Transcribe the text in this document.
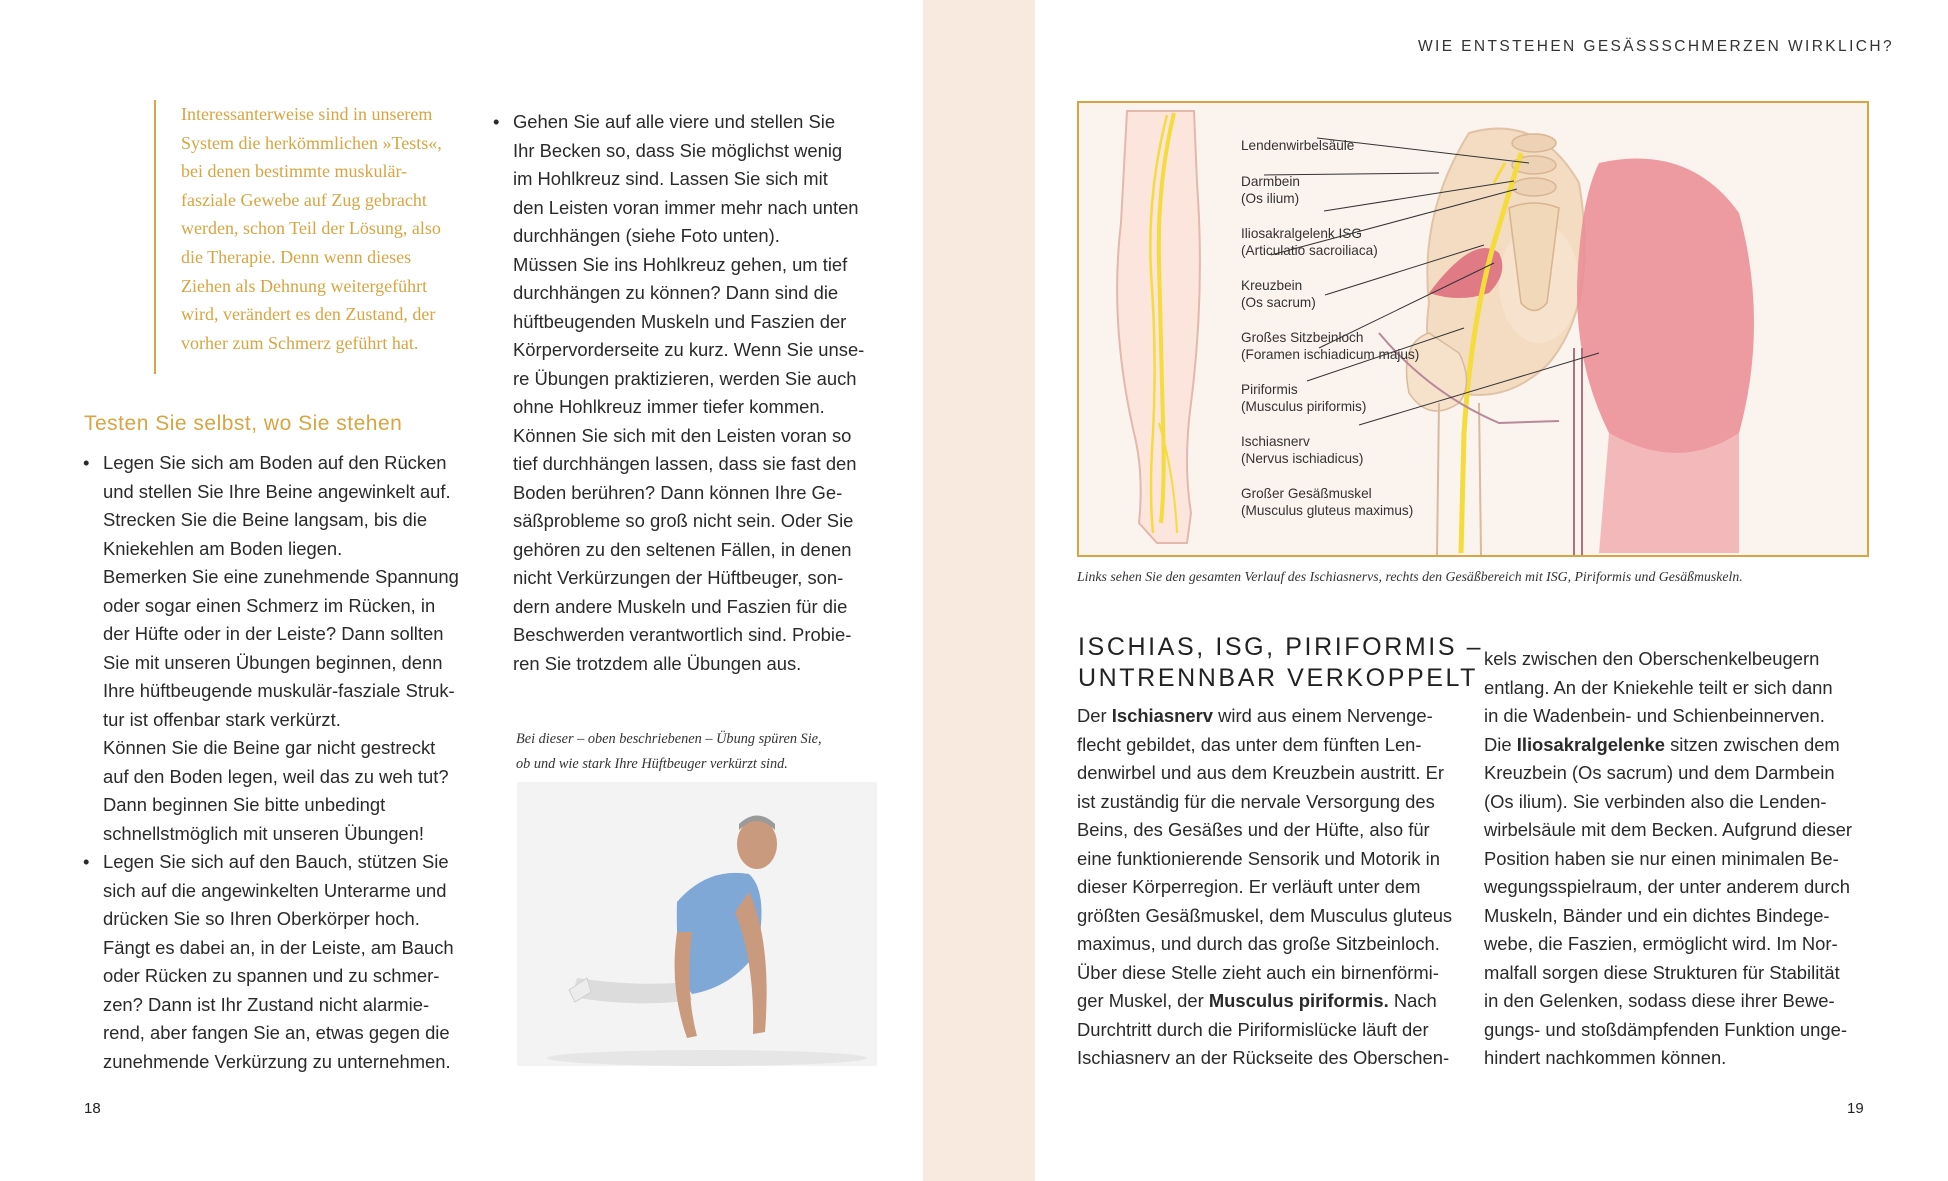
Interessanterweise sind in unserem
System die herkömmlichen »Tests«,
bei denen bestimmte muskulär-
fasziale Gewebe auf Zug gebracht
werden, schon Teil der Lösung, also
die Therapie. Denn wenn dieses
Ziehen als Dehnung weitergeführt
wird, verändert es den Zustand, der
vorher zum Schmerz geführt hat.

Testen Sie selbst, wo Sie stehen
• Legen Sie sich am Boden auf den Rücken
und stellen Sie Ihre Beine angewinkelt auf.
Strecken Sie die Beine langsam, bis die
Kniekehlen am Boden liegen.
Bemerken Sie eine zunehmende Spannung
oder sogar einen Schmerz im Rücken, in
der Hüfte oder in der Leiste? Dann sollten
Sie mit unseren Übungen beginnen, denn
Ihre hüftbeugende muskulär-fasziale Struk-
tur ist offenbar stark verkürzt.
Können Sie die Beine gar nicht gestreckt
auf den Boden legen, weil das zu weh tut?
Dann beginnen Sie bitte unbedingt
schnellstmöglich mit unseren Übungen!

• Legen Sie sich auf den Bauch, stützen Sie
sich auf die angewinkelten Unterarme und
drücken Sie so Ihren Oberkörper hoch.
Fängt es dabei an, in der Leiste, am Bauch
oder Rücken zu spannen und zu schmer-
zen? Dann ist Ihr Zustand nicht alarmie-
rend, aber fangen Sie an, etwas gegen die
zunehmende Verkürzung zu unternehmen.

• Gehen Sie auf alle viere und stellen Sie
Ihr Becken so, dass Sie möglichst wenig
im Hohlkreuz sind. Lassen Sie sich mit
den Leisten voran immer mehr nach unten
durchhängen (siehe Foto unten).
Müssen Sie ins Hohlkreuz gehen, um tief
durchhängen zu können? Dann sind die
hüftbeugenden Muskeln und Faszien der
Körpervorderseite zu kurz. Wenn Sie unse-
re Übungen praktizieren, werden Sie auch
ohne Hohlkreuz immer tiefer kommen.
Können Sie sich mit den Leisten voran so
tief durchhängen lassen, dass sie fast den
Boden berühren? Dann können Ihre Ge-
säßprobleme so groß nicht sein. Oder Sie
gehören zu den seltenen Fällen, in denen
nicht Verkürzungen der Hüftbeuger, son-
dern andere Muskeln und Faszien für die
Beschwerden verantwortlich sind. Probie-
ren Sie trotzdem alle Übungen aus.

Bei dieser – oben beschriebenen – Übung spüren Sie,
ob und wie stark Ihre Hüftbeuger verkürzt sind.

18
WIE ENTSTEHEN GESÄSSSCHMERZEN WIRKLICH?
Lendenwirbelsäule

Darmbein
(Os ilium)

Iliosakralgelenk ISG
(Articulatio sacroiliaca)

Kreuzbein
(Os sacrum)

Großes Sitzbeinloch
(Foramen ischiadicum majus)

Piriformis
(Musculus piriformis)

Ischiasnerv
(Nervus ischiadicus)

Großer Gesäßmuskel
(Musculus gluteus maximus)

Links sehen Sie den gesamten Verlauf des Ischiasnervs, rechts den Gesäßbereich mit ISG, Piriformis und Gesäßmuskeln.

ISCHIAS, ISG, PIRIFORMIS –
UNTRENNBAR VERKOPPELT

Der Ischiasnerv wird aus einem Nervenge-
flecht gebildet, das unter dem fünften Len-
denwirbel und aus dem Kreuzbein austritt. Er
ist zuständig für die nervale Versorgung des
Beins, des Gesäßes und der Hüfte, also für
eine funktionierende Sensorik und Motorik in
dieser Körperregion. Er verläuft unter dem
größten Gesäßmuskel, dem Musculus gluteus
maximus, und durch das große Sitzbeinloch.
Über diese Stelle zieht auch ein birnenförmi-
ger Muskel, der Musculus piriformis. Nach
Durchtritt durch die Piriformislücke läuft der
Ischiasnerv an der Rückseite des Oberschen-

kels zwischen den Oberschenkelbeugern
entlang. An der Kniekehle teilt er sich dann
in die Wadenbein- und Schienbeinnerven.
Die Iliosakralgelenke sitzen zwischen dem
Kreuzbein (Os sacrum) und dem Darmbein
(Os ilium). Sie verbinden also die Lenden-
wirbelsäule mit dem Becken. Aufgrund dieser
Position haben sie nur einen minimalen Be-
wegungsspielraum, der unter anderem durch
Muskeln, Bänder und ein dichtes Bindege-
webe, die Faszien, ermöglicht wird. Im Nor-
malfall sorgen diese Strukturen für Stabilität
in den Gelenken, sodass diese ihrer Bewe-
gungs- und stoßdämpfenden Funktion unge-
hindert nachkommen können.

19
